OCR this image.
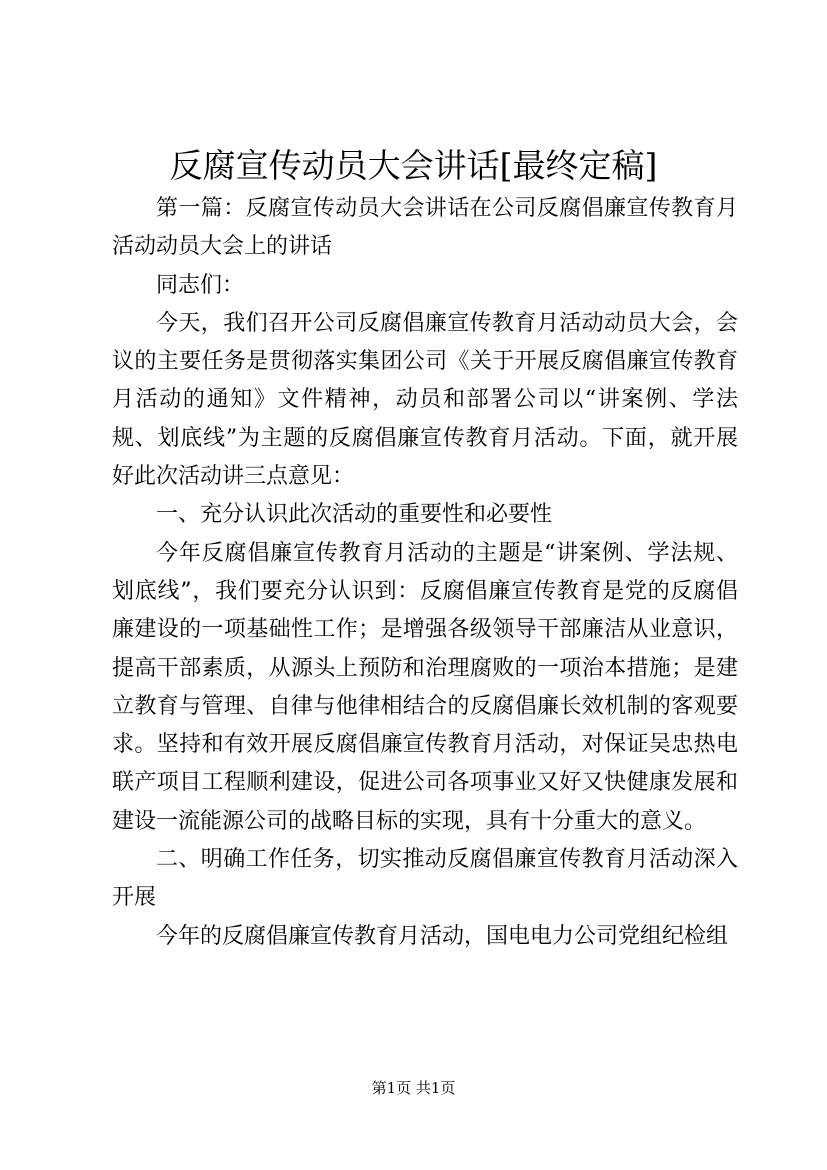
反腐宣传动员大会讲话[最终定稿]

第一篇：反腐宣传动员大会讲话在公司反腐倡廉宣传教育月活动动员大会上的讲话

同志们：

今天，我们召开公司反腐倡廉宣传教育月活动动员大会，会议的主要任务是贯彻落实集团公司《关于开展反腐倡廉宣传教育月活动的通知》文件精神，动员和部署公司以“讲案例、学法规、划底线”为主题的反腐倡廉宣传教育月活动。下面，就开展好此次活动讲三点意见：

一、充分认识此次活动的重要性和必要性

今年反腐倡廉宣传教育月活动的主题是“讲案例、学法规、划底线”，我们要充分认识到：反腐倡廉宣传教育是党的反腐倡廉建设的一项基础性工作；是增强各级领导干部廉洁从业意识，提高干部素质，从源头上预防和治理腐败的一项治本措施；是建立教育与管理、自律与他律相结合的反腐倡廉长效机制的客观要求。坚持和有效开展反腐倡廉宣传教育月活动，对保证吴忠热电联产项目工程顺利建设，促进公司各项事业又好又快健康发展和建设一流能源公司的战略目标的实现，具有十分重大的意义。

二、明确工作任务，切实推动反腐倡廉宣传教育月活动深入开展

今年的反腐倡廉宣传教育月活动，国电电力公司党组纪检组

第1页 共1页
